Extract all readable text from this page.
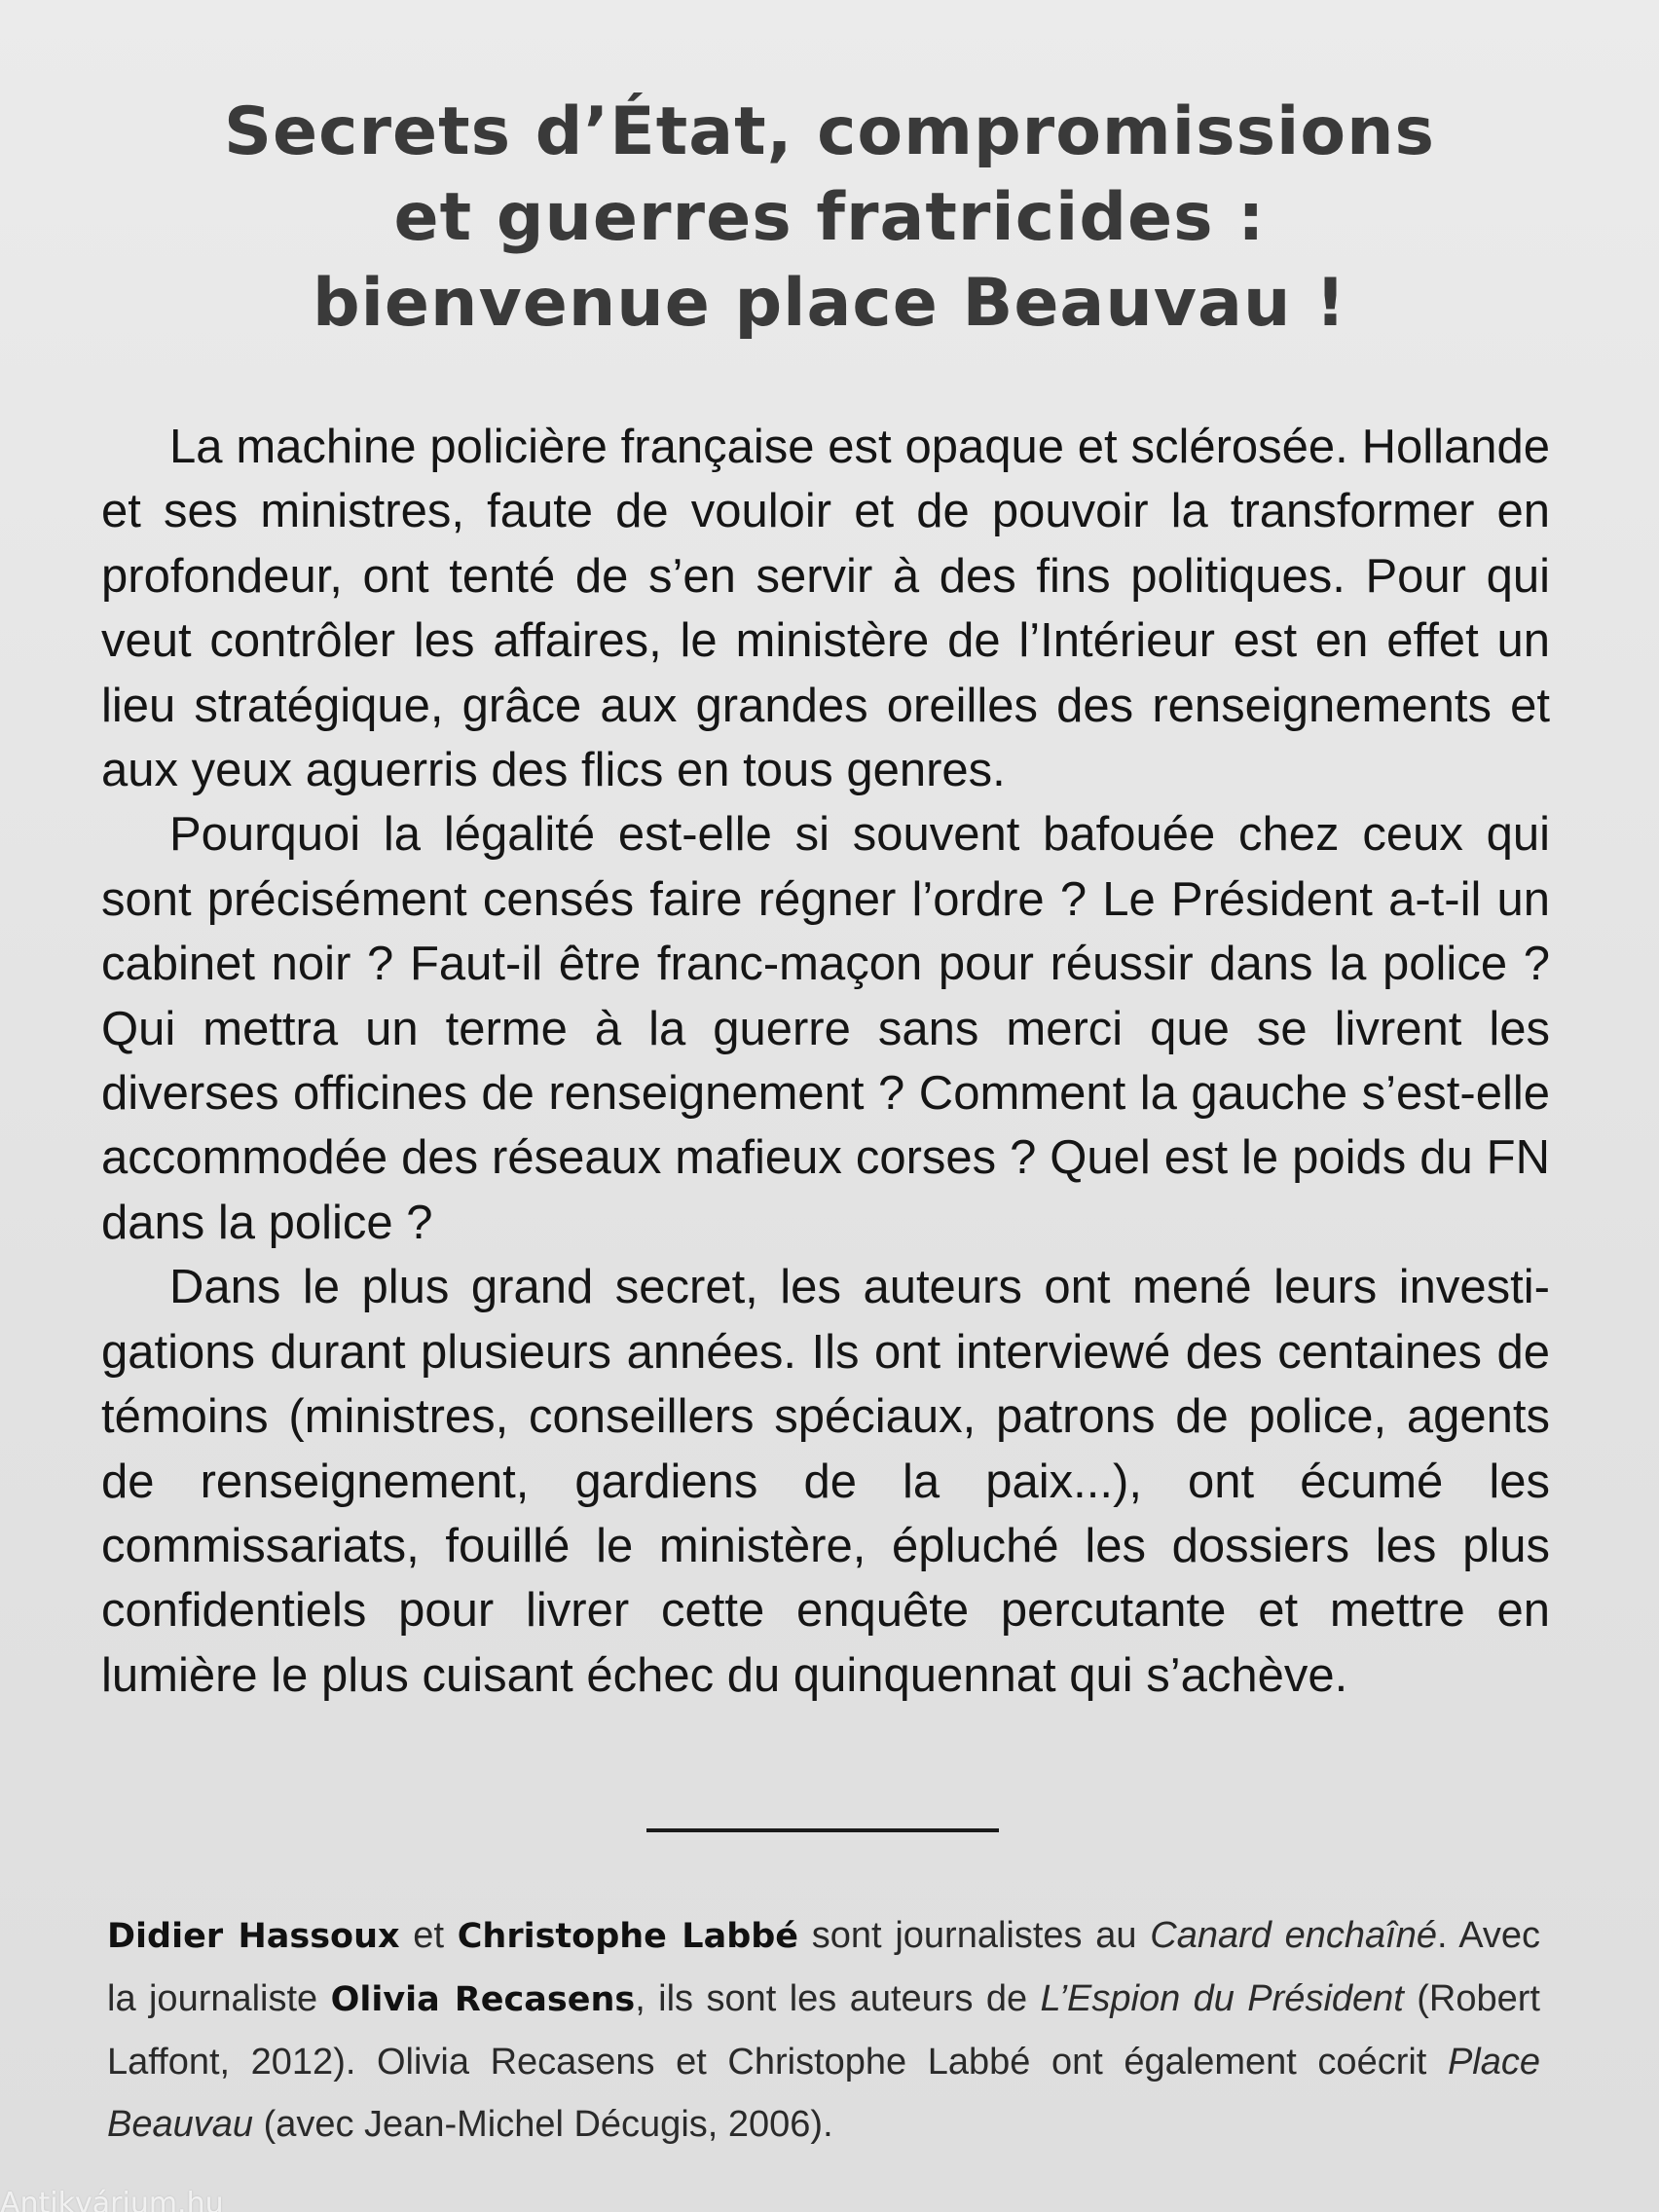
Secrets d’État, compromissions
et guerres fratricides :
bienvenue place Beauvau !

La machine policière française est opaque et sclérosée. Hollande et ses ministres, faute de vouloir et de pouvoir la transformer en profondeur, ont tenté de s’en servir à des fins politiques. Pour qui veut contrôler les affaires, le ministère de l’Intérieur est en effet un lieu stratégique, grâce aux grandes oreilles des renseignements et aux yeux aguerris des flics en tous genres.

Pourquoi la légalité est-elle si souvent bafouée chez ceux qui sont précisément censés faire régner l’ordre ? Le Président a-t-il un cabinet noir ? Faut-il être franc-maçon pour réussir dans la police ? Qui mettra un terme à la guerre sans merci que se livrent les diverses officines de renseignement ? Comment la gauche s’est-elle accommodée des réseaux mafieux corses ? Quel est le poids du FN dans la police ?

Dans le plus grand secret, les auteurs ont mené leurs investi-gations durant plusieurs années. Ils ont interviewé des centaines de témoins (ministres, conseillers spéciaux, patrons de police, agents de renseignement, gardiens de la paix...), ont écumé les commissariats, fouillé le ministère, épluché les dossiers les plus confidentiels pour livrer cette enquête percutante et mettre en lumière le plus cuisant échec du quinquennat qui s’achève.

Didier Hassoux et Christophe Labbé sont journalistes au Canard enchaîné. Avec la journaliste Olivia Recasens, ils sont les auteurs de L’Espion du Président (Robert Laffont, 2012). Olivia Recasens et Christophe Labbé ont également coécrit Place Beauvau (avec Jean-Michel Décugis, 2006).
Antikvárium.hu
